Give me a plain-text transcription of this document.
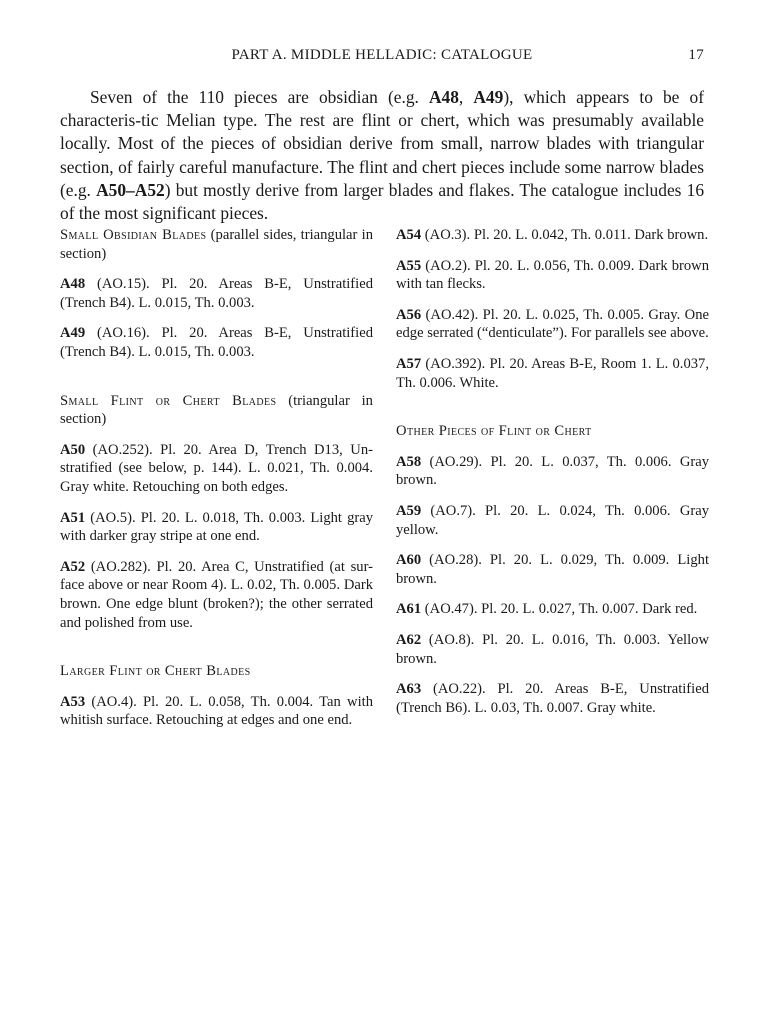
PART A. MIDDLE HELLADIC: CATALOGUE	17

Seven of the 110 pieces are obsidian (e.g. A48, A49), which appears to be of characteris-tic Melian type. The rest are flint or chert, which was presumably available locally. Most of the pieces of obsidian derive from small, narrow blades with triangular section, of fairly careful manufacture. The flint and chert pieces include some narrow blades (e.g. A50–A52) but mostly derive from larger blades and flakes. The catalogue includes 16 of the most significant pieces.

Small Obsidian Blades (parallel sides, triangular in section)

A48 (AO.15). Pl. 20. Areas B-E, Unstratified (Trench B4). L. 0.015, Th. 0.003.

A49 (AO.16). Pl. 20. Areas B-E, Unstratified (Trench B4). L. 0.015, Th. 0.003.

Small Flint or Chert Blades (triangular in section)

A50 (AO.252). Pl. 20. Area D, Trench D13, Un-stratified (see below, p. 144). L. 0.021, Th. 0.004. Gray white. Retouching on both edges.

A51 (AO.5). Pl. 20. L. 0.018, Th. 0.003. Light gray with darker gray stripe at one end.

A52 (AO.282). Pl. 20. Area C, Unstratified (at sur-face above or near Room 4). L. 0.02, Th. 0.005. Dark brown. One edge blunt (broken?); the other serrated and polished from use.

Larger Flint or Chert Blades

A53 (AO.4). Pl. 20. L. 0.058, Th. 0.004. Tan with whitish surface. Retouching at edges and one end.

A54 (AO.3). Pl. 20. L. 0.042, Th. 0.011. Dark brown.

A55 (AO.2). Pl. 20. L. 0.056, Th. 0.009. Dark brown with tan flecks.

A56 (AO.42). Pl. 20. L. 0.025, Th. 0.005. Gray. One edge serrated (“denticulate”). For parallels see above.

A57 (AO.392). Pl. 20. Areas B-E, Room 1. L. 0.037, Th. 0.006. White.

Other Pieces of Flint or Chert

A58 (AO.29). Pl. 20. L. 0.037, Th. 0.006. Gray brown.

A59 (AO.7). Pl. 20. L. 0.024, Th. 0.006. Gray yellow.

A60 (AO.28). Pl. 20. L. 0.029, Th. 0.009. Light brown.

A61 (AO.47). Pl. 20. L. 0.027, Th. 0.007. Dark red.

A62 (AO.8). Pl. 20. L. 0.016, Th. 0.003. Yellow brown.

A63 (AO.22). Pl. 20. Areas B-E, Unstratified (Trench B6). L. 0.03, Th. 0.007. Gray white.
